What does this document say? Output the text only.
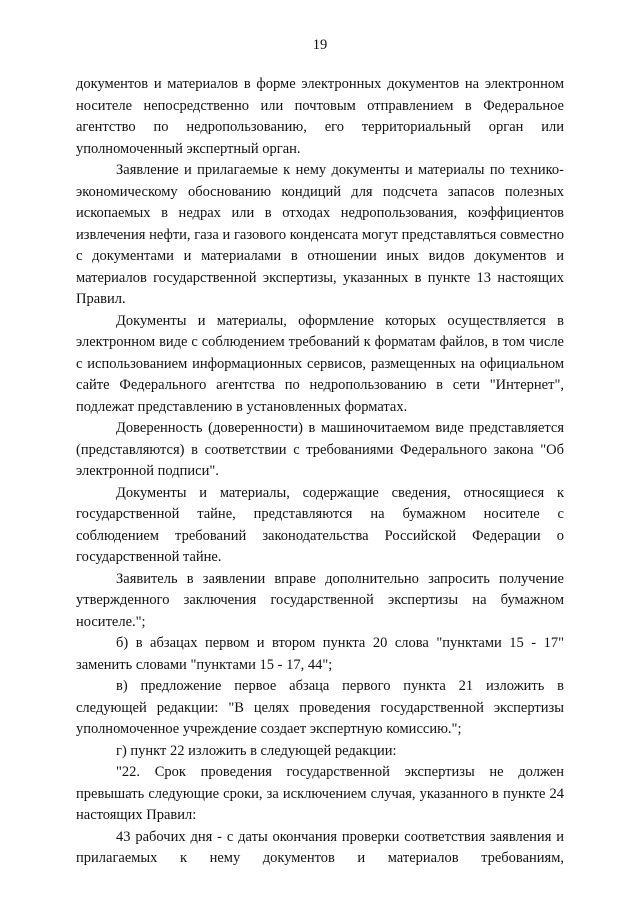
19

документов и материалов в форме электронных документов на электронном носителе непосредственно или почтовым отправлением в Федеральное агентство по недропользованию, его территориальный орган или уполномоченный экспертный орган.

Заявление и прилагаемые к нему документы и материалы по технико-экономическому обоснованию кондиций для подсчета запасов полезных ископаемых в недрах или в отходах недропользования, коэффициентов извлечения нефти, газа и газового конденсата могут представляться совместно с документами и материалами в отношении иных видов документов и материалов государственной экспертизы, указанных в пункте 13 настоящих Правил.

Документы и материалы, оформление которых осуществляется в электронном виде с соблюдением требований к форматам файлов, в том числе с использованием информационных сервисов, размещенных на официальном сайте Федерального агентства по недропользованию в сети "Интернет", подлежат представлению в установленных форматах.

Доверенность (доверенности) в машиночитаемом виде представляется (представляются) в соответствии с требованиями Федерального закона "Об электронной подписи".

Документы и материалы, содержащие сведения, относящиеся к государственной тайне, представляются на бумажном носителе с соблюдением требований законодательства Российской Федерации о государственной тайне.

Заявитель в заявлении вправе дополнительно запросить получение утвержденного заключения государственной экспертизы на бумажном носителе.";

б) в абзацах первом и втором пункта 20 слова "пунктами 15 - 17" заменить словами "пунктами 15 - 17, 44";

в) предложение первое абзаца первого пункта 21 изложить в следующей редакции: "В целях проведения государственной экспертизы уполномоченное учреждение создает экспертную комиссию.";

г) пункт 22 изложить в следующей редакции:

"22. Срок проведения государственной экспертизы не должен превышать следующие сроки, за исключением случая, указанного в пункте 24 настоящих Правил:

43 рабочих дня - с даты окончания проверки соответствия заявления и прилагаемых к нему документов и материалов требованиям,
